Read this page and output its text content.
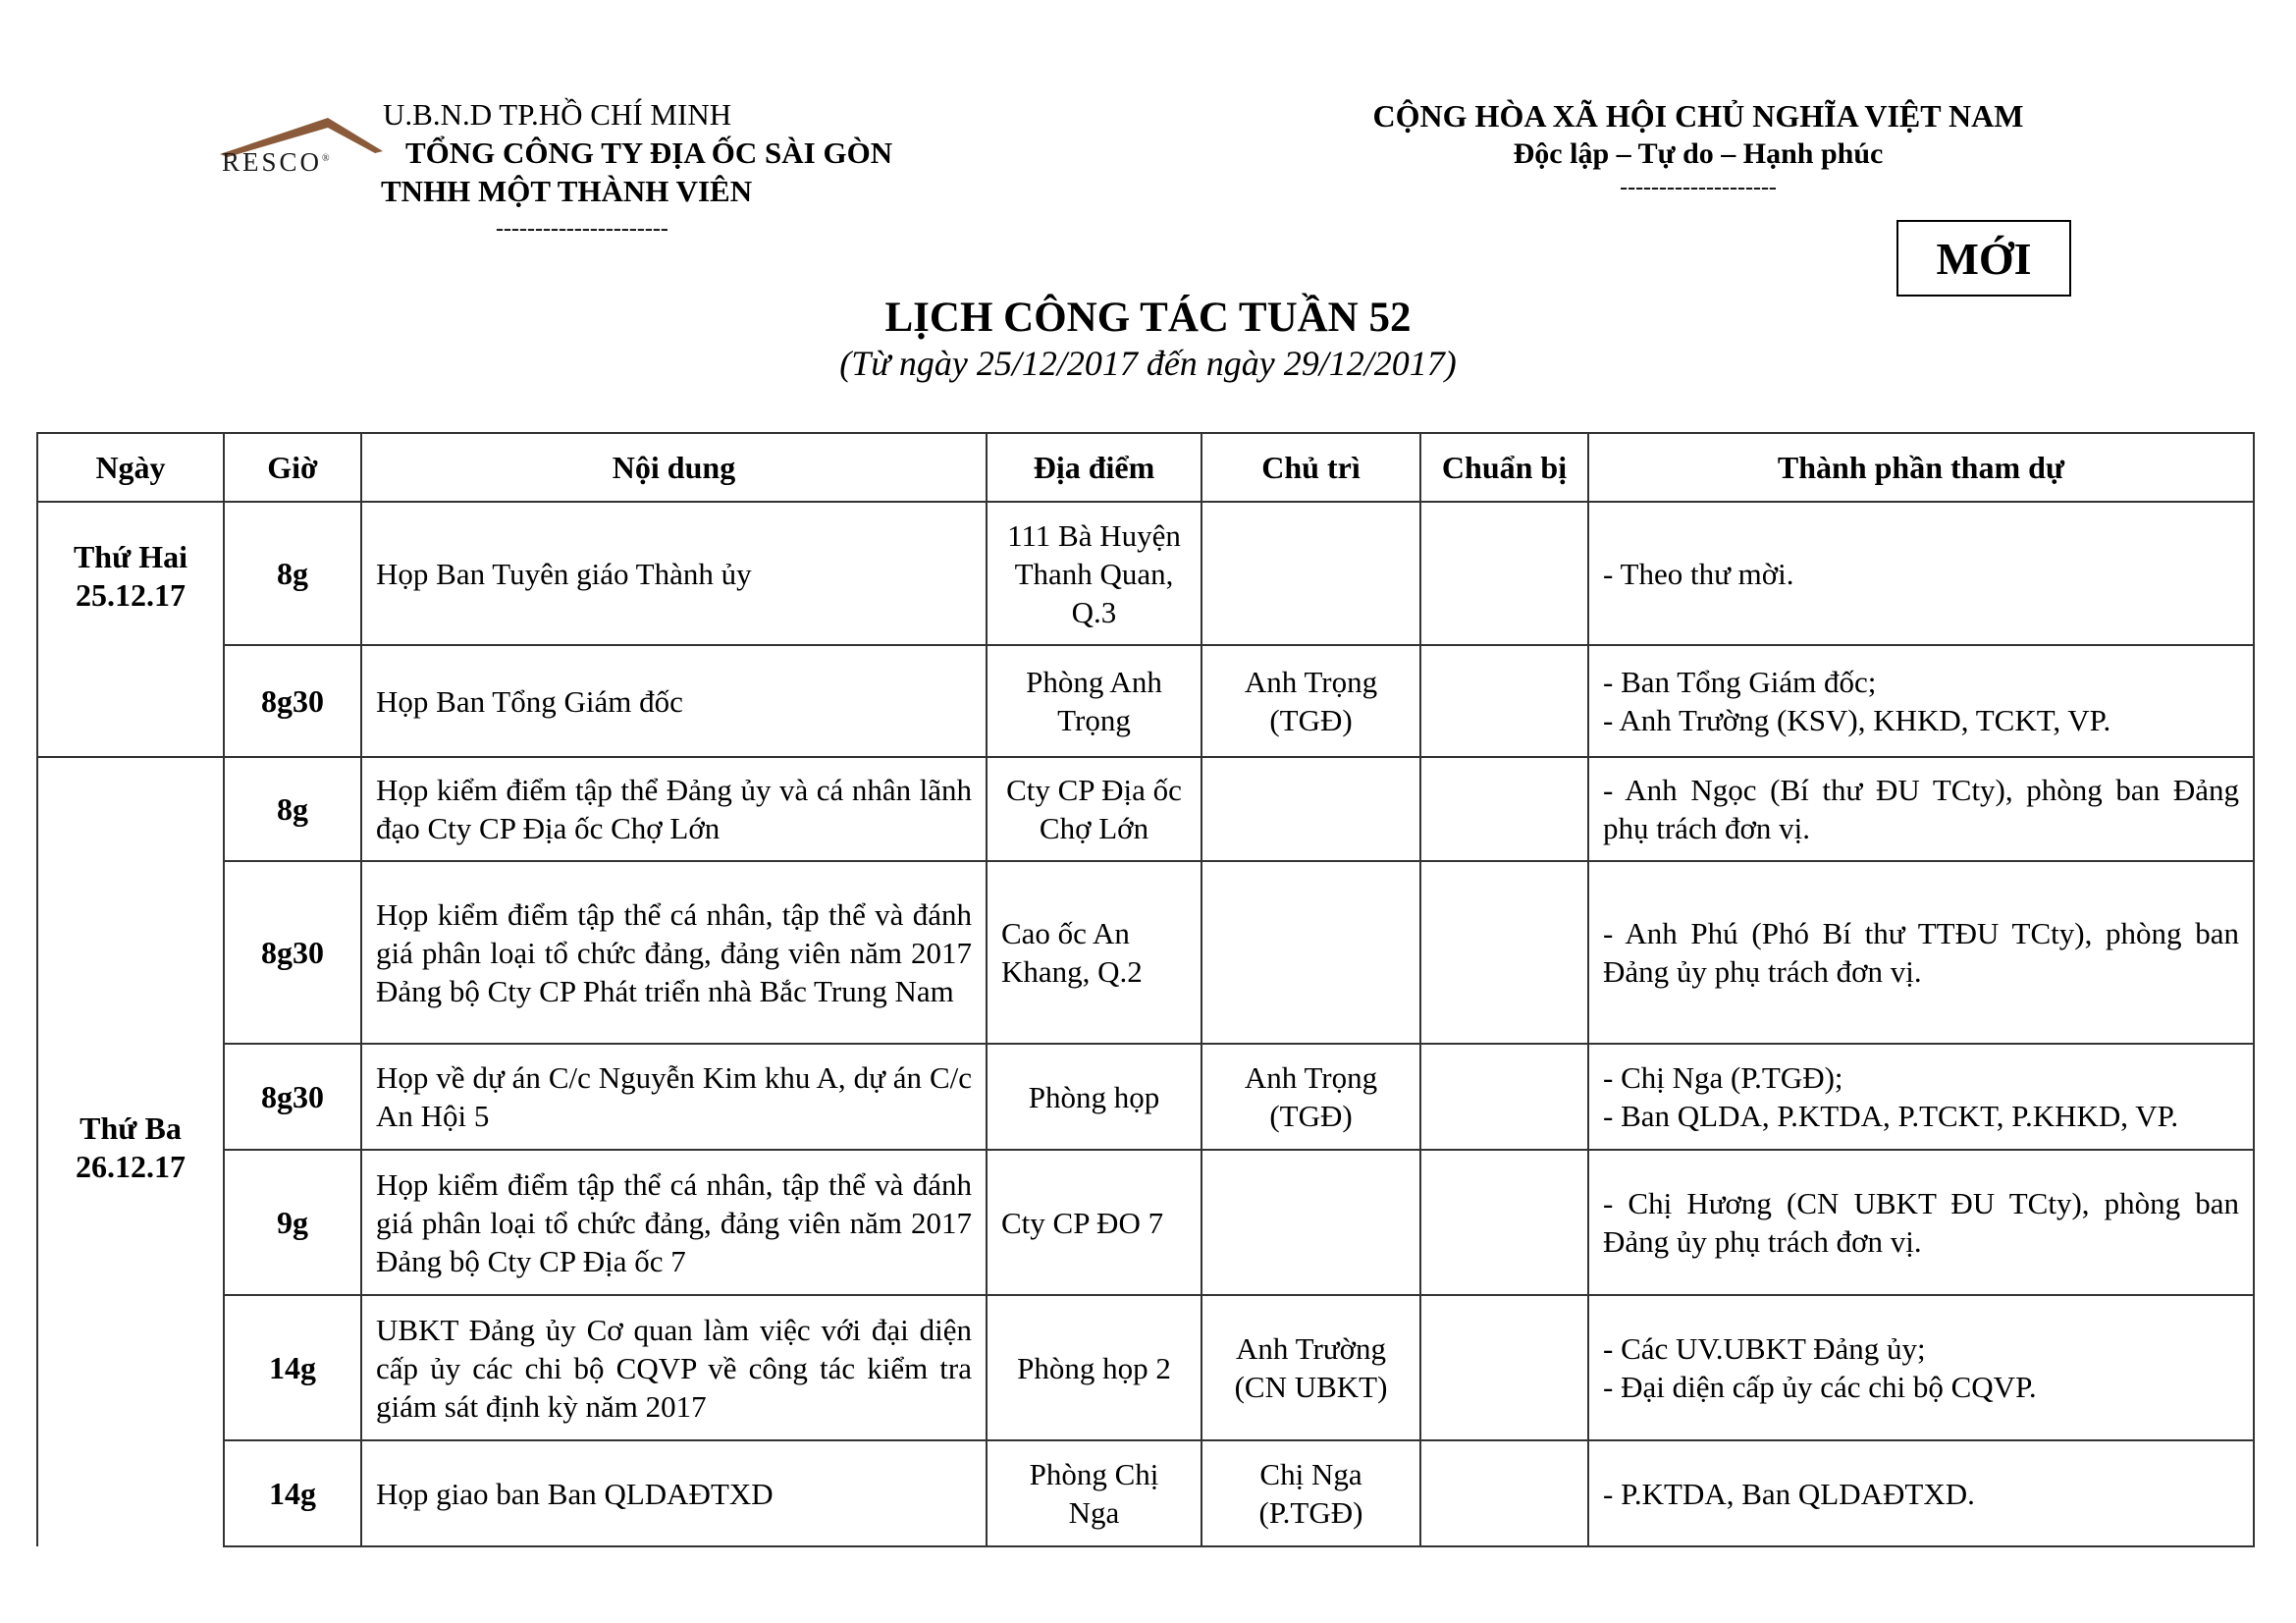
RESCO®
U.B.N.D TP.HỒ CHÍ MINH
TỔNG CÔNG TY ĐỊA ỐC SÀI GÒN
TNHH MỘT THÀNH VIÊN
----------------------
CỘNG HÒA XÃ HỘI CHỦ NGHĨA VIỆT NAM
Độc lập – Tự do – Hạnh phúc
--------------------
MỚI
LỊCH CÔNG TÁC TUẦN 52
(Từ ngày 25/12/2017 đến ngày 29/12/2017)
Ngày	Giờ	Nội dung	Địa điểm	Chủ trì	Chuẩn bị	Thành phần tham dự

Thứ Hai
25.12.17	8g	Họp Ban Tuyên giáo Thành ủy	111 Bà Huyện Thanh Quan, Q.3			- Theo thư mời.

	8g30	Họp Ban Tổng Giám đốc	Phòng Anh Trọng	Anh Trọng (TGĐ)		- Ban Tổng Giám đốc;
- Anh Trường (KSV), KHKD, TCKT, VP.

Thứ Ba
26.12.17	8g	Họp kiểm điểm tập thể Đảng ủy và cá nhân lãnh đạo Cty CP Địa ốc Chợ Lớn	Cty CP Địa ốc Chợ Lớn			- Anh Ngọc (Bí thư ĐU TCty), phòng ban Đảng phụ trách đơn vị.

	8g30	Họp kiểm điểm tập thể cá nhân, tập thể và đánh giá phân loại tổ chức đảng, đảng viên năm 2017 Đảng bộ Cty CP Phát triển nhà Bắc Trung Nam	Cao ốc An Khang, Q.2			- Anh Phú (Phó Bí thư TTĐU TCty), phòng ban Đảng ủy phụ trách đơn vị.

	8g30	Họp về dự án C/c Nguyễn Kim khu A, dự án C/c An Hội 5	Phòng họp	Anh Trọng (TGĐ)		- Chị Nga (P.TGĐ);
- Ban QLDA, P.KTDA, P.TCKT, P.KHKD, VP.

	9g	Họp kiểm điểm tập thể cá nhân, tập thể và đánh giá phân loại tổ chức đảng, đảng viên năm 2017 Đảng bộ Cty CP Địa ốc 7	Cty CP ĐO 7			- Chị Hương (CN UBKT ĐU TCty), phòng ban Đảng ủy phụ trách đơn vị.

	14g	UBKT Đảng ủy Cơ quan làm việc với đại diện cấp ủy các chi bộ CQVP về công tác kiểm tra giám sát định kỳ năm 2017	Phòng họp 2	Anh Trường (CN UBKT)		- Các UV.UBKT Đảng ủy;
- Đại diện cấp ủy các chi bộ CQVP.

	14g	Họp giao ban Ban QLDAĐTXD	Phòng Chị Nga	Chị Nga (P.TGĐ)		- P.KTDA, Ban QLDAĐTXD.
